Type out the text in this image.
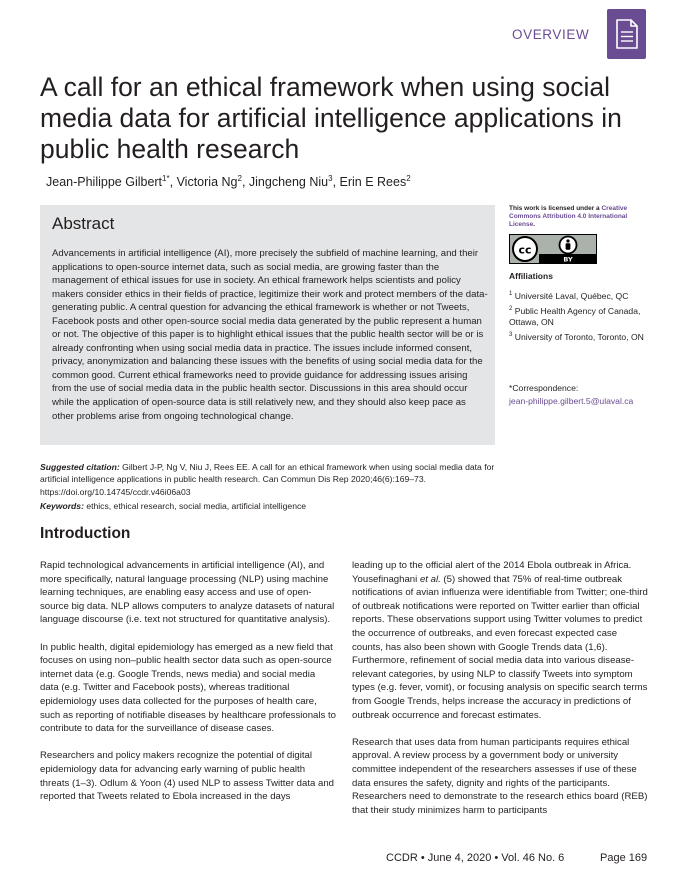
OVERVIEW
A call for an ethical framework when using social media data for artificial intelligence applications in public health research
Jean-Philippe Gilbert$^{1*}$, Victoria Ng$^2$, Jingcheng Niu$^3$, Erin E Rees$^2$
Abstract
Advancements in artificial intelligence (AI), more precisely the subfield of machine learning, and their applications to open-source internet data, such as social media, are growing faster than the management of ethical issues for use in society. An ethical framework helps scientists and policy makers consider ethics in their fields of practice, legitimize their work and protect members of the data-generating public. A central question for advancing the ethical framework is whether or not Tweets, Facebook posts and other open-source social media data generated by the public represent a human or not. The objective of this paper is to highlight ethical issues that the public health sector will be or is already confronting when using social media data in practice. The issues include informed consent, privacy, anonymization and balancing these issues with the benefits of using social media data for the common good. Current ethical frameworks need to provide guidance for addressing issues arising from the use of social media data in the public health sector. Discussions in this area should occur while the application of open-source data is still relatively new, and they should also keep pace as other problems arise from ongoing technological change.
This work is licensed under a Creative Commons Attribution 4.0 International License.
cc
BY
Affiliations
$^1$ Université Laval, Québec, QC
$^2$ Public Health Agency of Canada, Ottawa, ON
$^3$ University of Toronto, Toronto, ON
*Correspondence:
jean-philippe.gilbert.5@ulaval.ca
Suggested citation: Gilbert J-P, Ng V, Niu J, Rees EE. A call for an ethical framework when using social media data for artificial intelligence applications in public health research. Can Commun Dis Rep 2020;46(6):169–73. https://doi.org/10.14745/ccdr.v46i06a03
Keywords: ethics, ethical research, social media, artificial intelligence
Introduction

Rapid technological advancements in artificial intelligence (AI), and more specifically, natural language processing (NLP) using machine learning techniques, are enabling easy access and use of open-source big data. NLP allows computers to analyze datasets of natural language discourse (i.e. text not structured for quantitative analysis).

In public health, digital epidemiology has emerged as a new field that focuses on using non–public health sector data such as open-source internet data (e.g. Google Trends, news media) and social media data (e.g. Twitter and Facebook posts), whereas traditional epidemiology uses data collected for the purposes of health care, such as reporting of notifiable diseases by healthcare professionals to contribute to data for the surveillance of disease cases.

Researchers and policy makers recognize the potential of digital epidemiology data for advancing early warning of public health threats (1–3). Odlum & Yoon (4) used NLP to assess Twitter data and reported that Tweets related to Ebola increased in the days

leading up to the official alert of the 2014 Ebola outbreak in Africa. Yousefinaghani et al. (5) showed that 75% of real-time outbreak notifications of avian influenza were identifiable from Twitter; one-third of outbreak notifications were reported on Twitter earlier than official reports. These observations support using Twitter volumes to predict the occurrence of outbreaks, and even forecast expected case counts, has also been shown with Google Trends data (1,6). Furthermore, refinement of social media data into various disease-relevant categories, by using NLP to classify Tweets into symptom types (e.g. fever, vomit), or focusing analysis on specific search terms from Google Trends, helps increase the accuracy in predictions of outbreak occurrence and forecast estimates.

Research that uses data from human participants requires ethical approval. A review process by a government body or university committee independent of the researchers assesses if use of these data ensures the safety, dignity and rights of the participants. Researchers need to demonstrate to the research ethics board (REB) that their study minimizes harm to participants

CCDR • June 4, 2020 • Vol. 46 No. 6	Page 169
